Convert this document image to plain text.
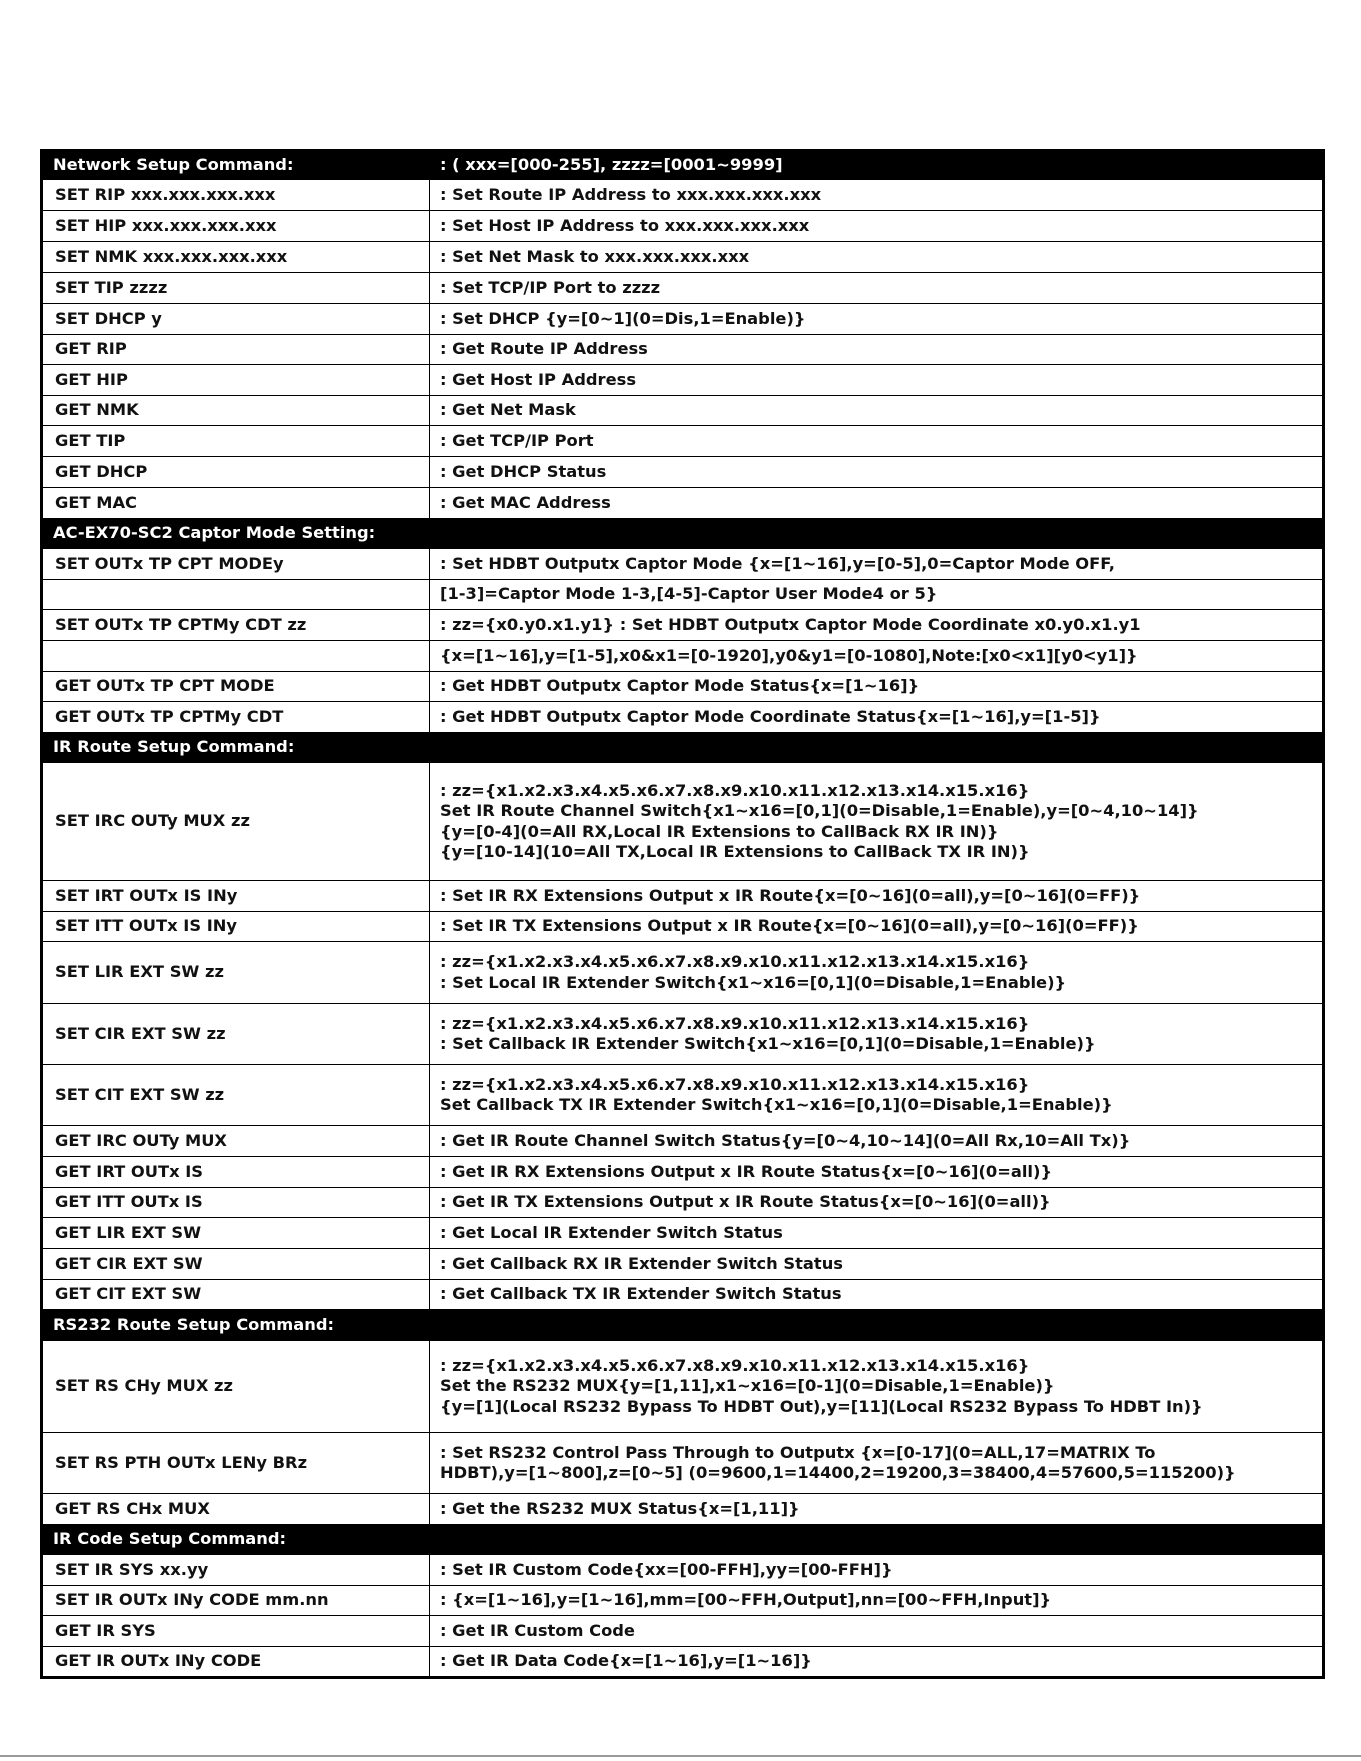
Network Setup Command:	: ( xxx=[000-255], zzzz=[0001~9999]

SET RIP xxx.xxx.xxx.xxx	: Set Route IP Address to xxx.xxx.xxx.xxx

SET HIP xxx.xxx.xxx.xxx	: Set Host IP Address to xxx.xxx.xxx.xxx

SET NMK xxx.xxx.xxx.xxx	: Set Net Mask to xxx.xxx.xxx.xxx

SET TIP zzzz	: Set TCP/IP Port to zzzz

SET DHCP y	: Set DHCP {y=[0~1](0=Dis,1=Enable)}

GET RIP	: Get Route IP Address

GET HIP	: Get Host IP Address

GET NMK	: Get Net Mask

GET TIP	: Get TCP/IP Port

GET DHCP	: Get DHCP Status

GET MAC	: Get MAC Address

AC-EX70-SC2 Captor Mode Setting:	

SET OUTx TP CPT MODEy	: Set HDBT Outputx Captor Mode {x=[1~16],y=[0-5],0=Captor Mode OFF,

	[1-3]=Captor Mode 1-3,[4-5]-Captor User Mode4 or 5}

SET OUTx TP CPTMy CDT zz	: zz={x0.y0.x1.y1} : Set HDBT Outputx Captor Mode Coordinate x0.y0.x1.y1

	{x=[1~16],y=[1-5],x0&x1=[0-1920],y0&y1=[0-1080],Note:[x0<x1][y0<y1]}

GET OUTx TP CPT MODE	: Get HDBT Outputx Captor Mode Status{x=[1~16]}

GET OUTx TP CPTMy CDT	: Get HDBT Outputx Captor Mode Coordinate Status{x=[1~16],y=[1-5]}

IR Route Setup Command:	

SET IRC OUTy MUX zz	: zz={x1.x2.x3.x4.x5.x6.x7.x8.x9.x10.x11.x12.x13.x14.x15.x16}
Set IR Route Channel Switch{x1~x16=[0,1](0=Disable,1=Enable),y=[0~4,10~14]}
{y=[0-4](0=All RX,Local IR Extensions to CallBack RX IR IN)}
{y=[10-14](10=All TX,Local IR Extensions to CallBack TX IR IN)}

SET IRT OUTx IS INy	: Set IR RX Extensions Output x IR Route{x=[0~16](0=all),y=[0~16](0=FF)}

SET ITT OUTx IS INy	: Set IR TX Extensions Output x IR Route{x=[0~16](0=all),y=[0~16](0=FF)}

SET LIR EXT SW zz	: zz={x1.x2.x3.x4.x5.x6.x7.x8.x9.x10.x11.x12.x13.x14.x15.x16}
: Set Local IR Extender Switch{x1~x16=[0,1](0=Disable,1=Enable)}

SET CIR EXT SW zz	: zz={x1.x2.x3.x4.x5.x6.x7.x8.x9.x10.x11.x12.x13.x14.x15.x16}
: Set Callback IR Extender Switch{x1~x16=[0,1](0=Disable,1=Enable)}

SET CIT EXT SW zz	: zz={x1.x2.x3.x4.x5.x6.x7.x8.x9.x10.x11.x12.x13.x14.x15.x16}
Set Callback TX IR Extender Switch{x1~x16=[0,1](0=Disable,1=Enable)}

GET IRC OUTy MUX	: Get IR Route Channel Switch Status{y=[0~4,10~14](0=All Rx,10=All Tx)}

GET IRT OUTx IS	: Get IR RX Extensions Output x IR Route Status{x=[0~16](0=all)}

GET ITT OUTx IS	: Get IR TX Extensions Output x IR Route Status{x=[0~16](0=all)}

GET LIR EXT SW	: Get Local IR Extender Switch Status

GET CIR EXT SW	: Get Callback RX IR Extender Switch Status

GET CIT EXT SW	: Get Callback TX IR Extender Switch Status

RS232 Route Setup Command:	

SET RS CHy MUX zz	: zz={x1.x2.x3.x4.x5.x6.x7.x8.x9.x10.x11.x12.x13.x14.x15.x16}
Set the RS232 MUX{y=[1,11],x1~x16=[0-1](0=Disable,1=Enable)}
{y=[1](Local RS232 Bypass To HDBT Out),y=[11](Local RS232 Bypass To HDBT In)}

SET RS PTH OUTx LENy BRz	: Set RS232 Control Pass Through to Outputx {x=[0-17](0=ALL,17=MATRIX To
HDBT),y=[1~800],z=[0~5] (0=9600,1=14400,2=19200,3=38400,4=57600,5=115200)}

GET RS CHx MUX	: Get the RS232 MUX Status{x=[1,11]}

IR Code Setup Command:	

SET IR SYS xx.yy	: Set IR Custom Code{xx=[00-FFH],yy=[00-FFH]}

SET IR OUTx INy CODE mm.nn	: {x=[1~16],y=[1~16],mm=[00~FFH,Output],nn=[00~FFH,Input]}

GET IR SYS	: Get IR Custom Code

GET IR OUTx INy CODE	: Get IR Data Code{x=[1~16],y=[1~16]}
